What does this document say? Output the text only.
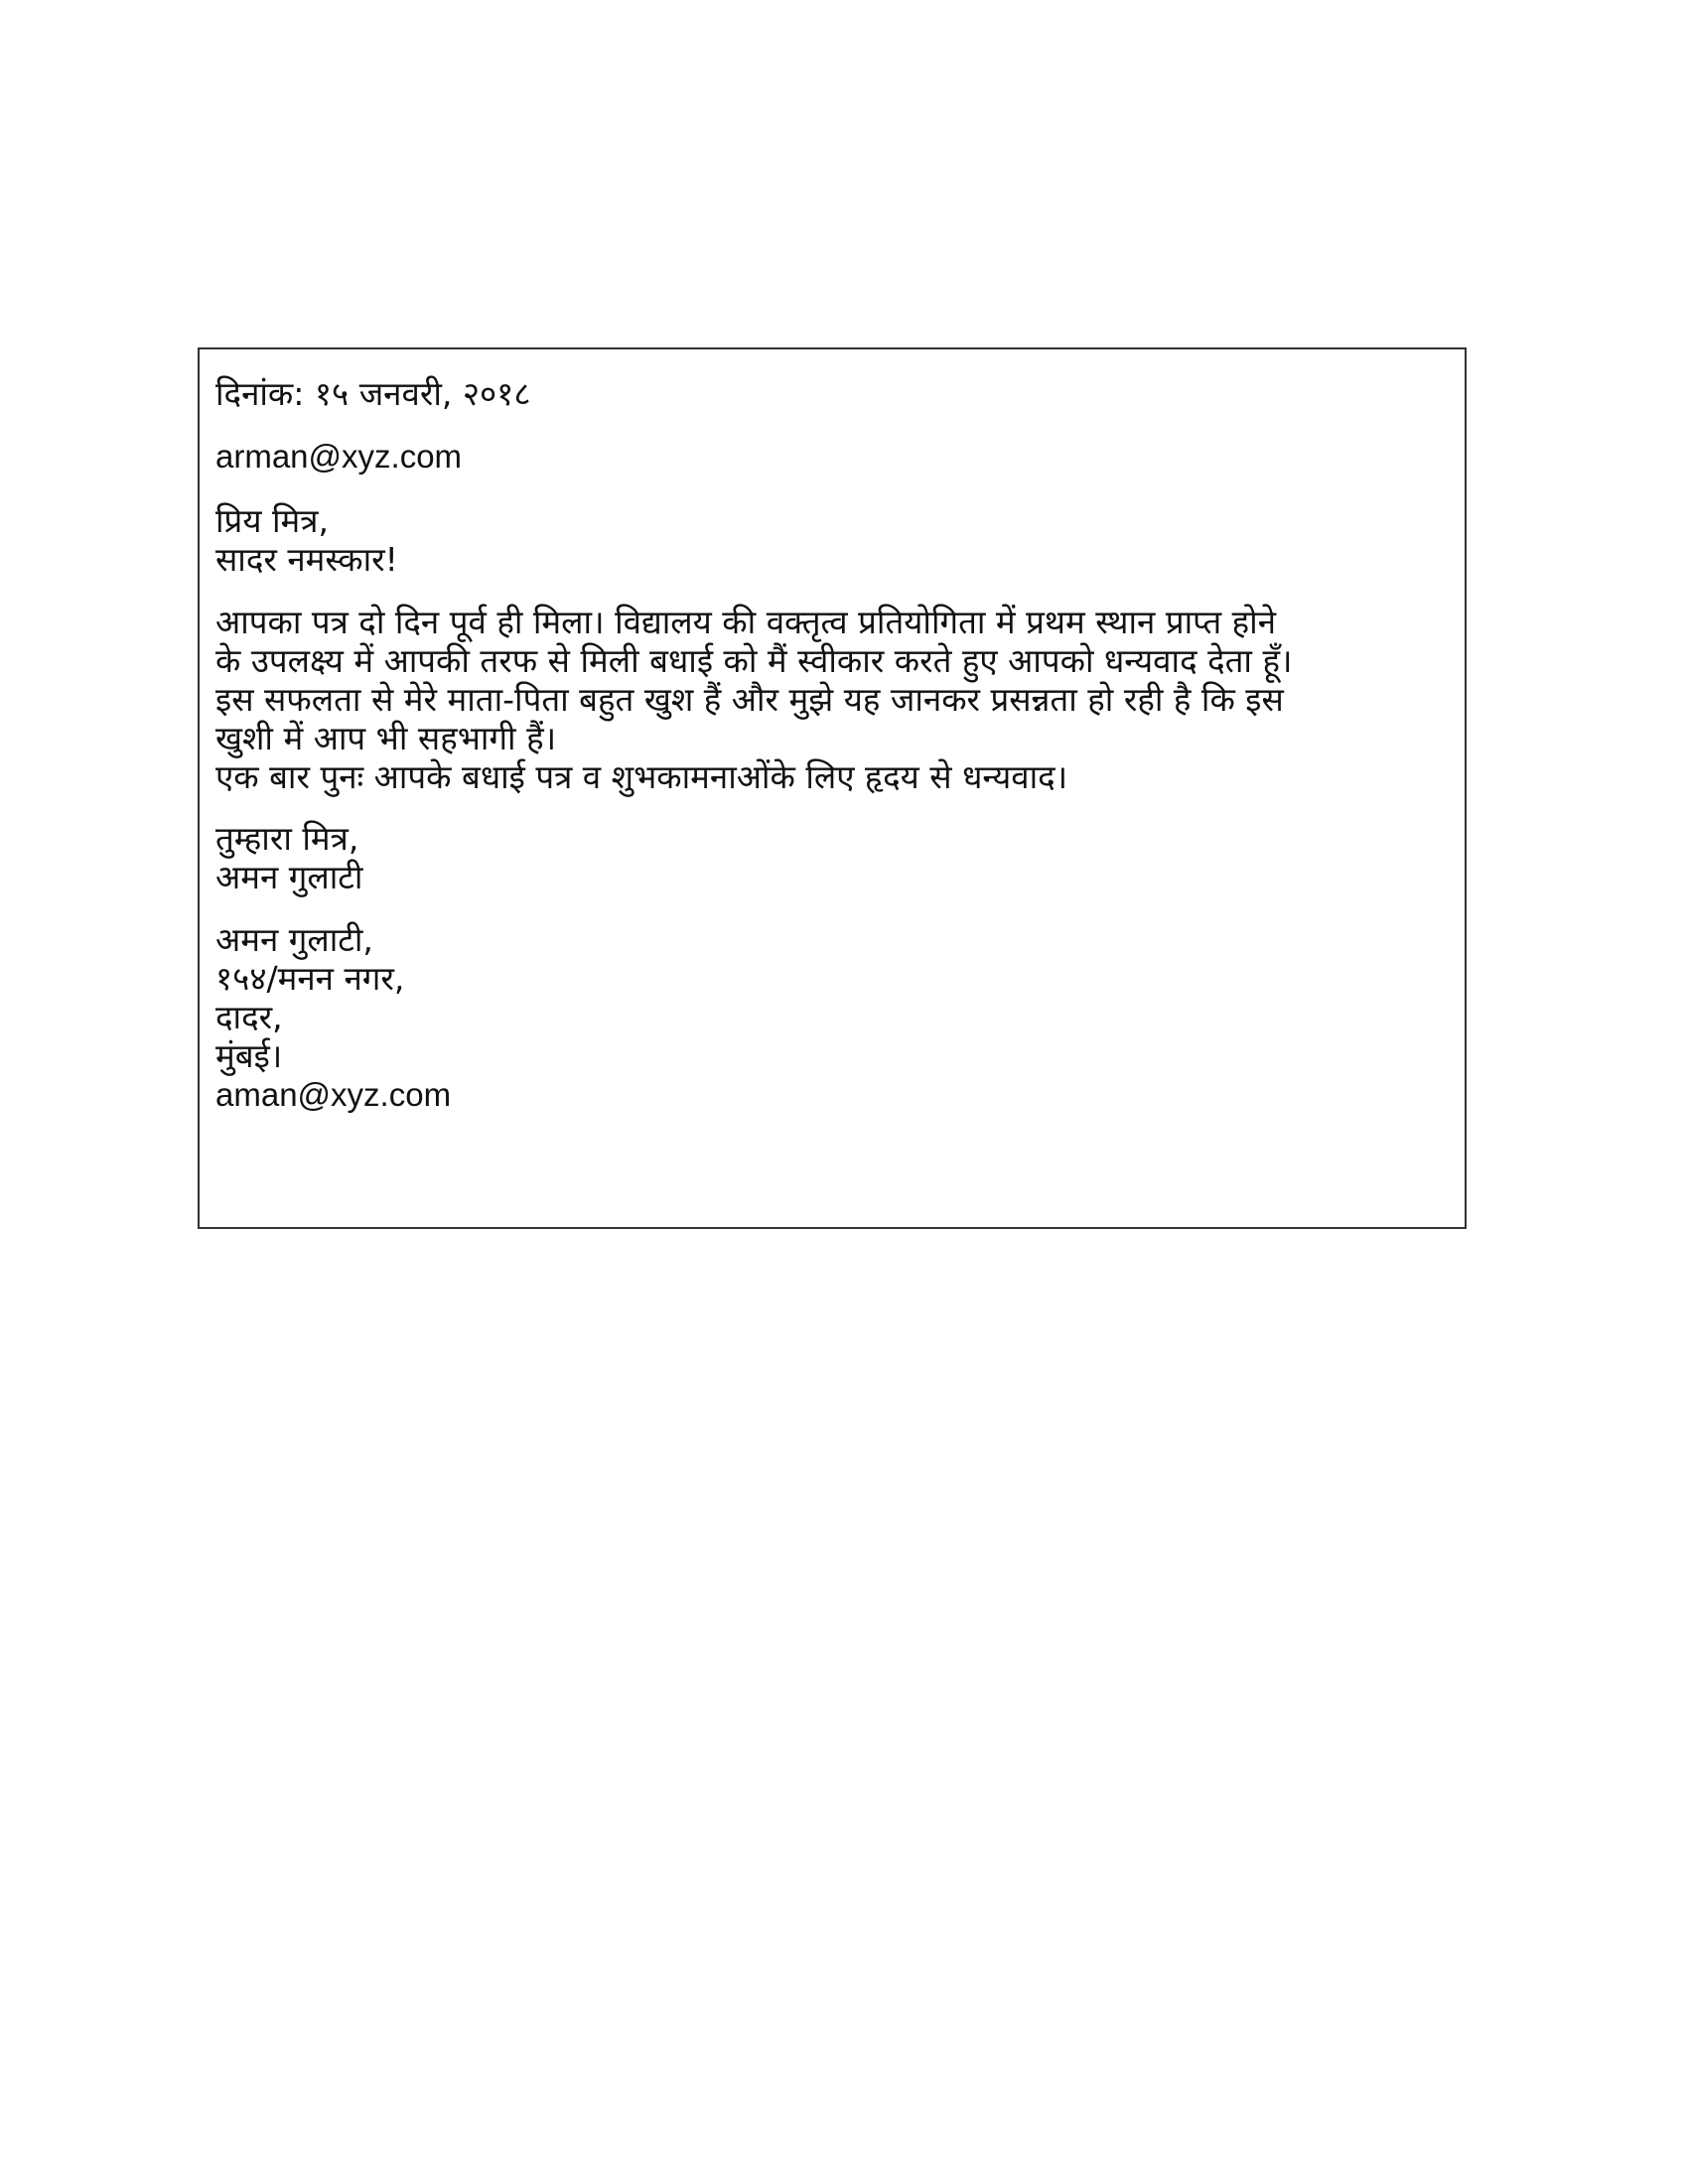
दिनांक: १५ जनवरी, २०१८
arman@xyz.com
प्रिय मित्र,
सादर नमस्कार!
आपका पत्र दो दिन पूर्व ही मिला। विद्यालय की वक्तृत्व प्रतियोगिता में प्रथम स्थान प्राप्त होने
के उपलक्ष्य में आपकी तरफ से मिली बधाई को मैं स्वीकार करते हुए आपको धन्यवाद देता हूँ।
इस सफलता से मेरे माता-पिता बहुत खुश हैं और मुझे यह जानकर प्रसन्नता हो रही है कि इस
खुशी में आप भी सहभागी हैं।
एक बार पुनः आपके बधाई पत्र व शुभकामनाओंके लिए हृदय से धन्यवाद।
तुम्हारा मित्र,
अमन गुलाटी
अमन गुलाटी,
१५४/मनन नगर,
दादर,
मुंबई।
aman@xyz.com
